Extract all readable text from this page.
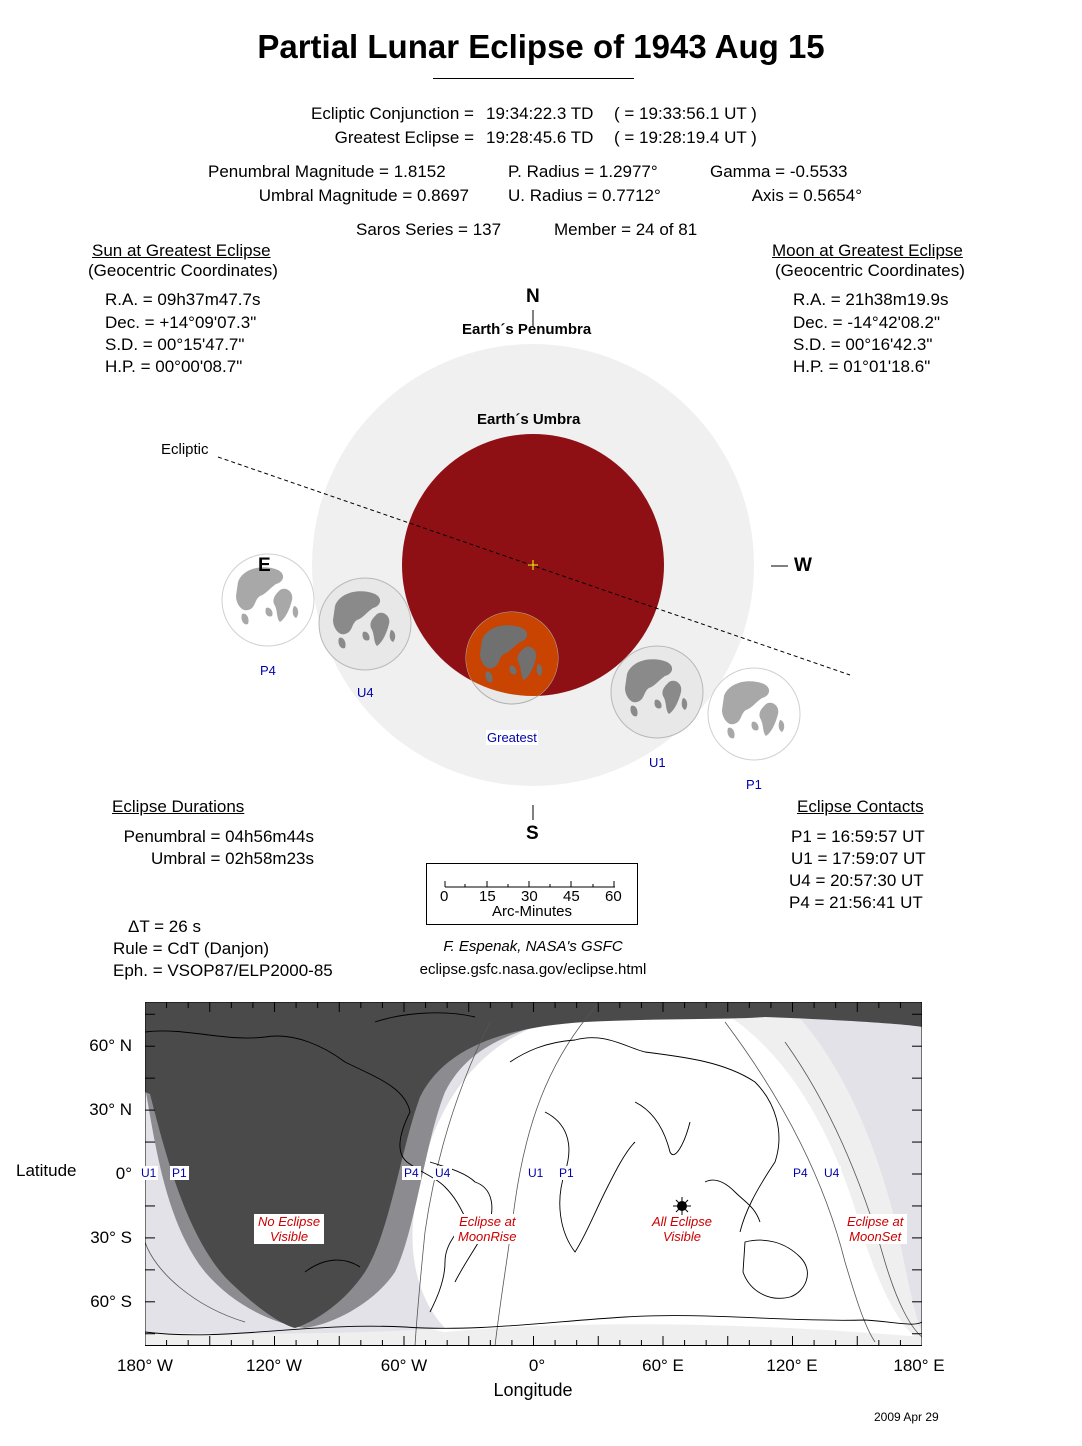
Partial Lunar Eclipse of 1943 Aug 15
Ecliptic Conjunction = 19:34:22.3 TD ( = 19:33:56.1 UT )
Greatest Eclipse = 19:28:45.6 TD ( = 19:28:19.4 UT )
Penumbral Magnitude = 1.8152
Umbral Magnitude = 0.8697
P. Radius = 1.2977°
U. Radius = 0.7712°
Gamma = -0.5533
Axis = 0.5654°
Saros Series = 137	Member = 24 of 81
Sun at Greatest Eclipse
(Geocentric Coordinates)
R.A. = 09h37m47.7s
Dec. = +14°09'07.3"
S.D. = 00°15'47.7"
H.P. = 00°00'08.7"
Moon at Greatest Eclipse
(Geocentric Coordinates)
R.A. = 21h38m19.9s
Dec. = -14°42'08.2"
S.D. = 00°16'42.3"
H.P. = 01°01'18.6"
N
Earth´s Penumbra
Earth´s Umbra
Ecliptic
E	W
S
P4
U4
Greatest
U1
P1
Eclipse Durations
Penumbral = 04h56m44s
Umbral = 02h58m23s
0 15 30 45 60
Arc-Minutes
F. Espenak, NASA's GSFC
eclipse.gsfc.nasa.gov/eclipse.html
ΔT = 26 s
Rule = CdT (Danjon)
Eph. = VSOP87/ELP2000-85
Eclipse Contacts
P1 = 16:59:57 UT
U1 = 17:59:07 UT
U4 = 20:57:30 UT
P4 = 21:56:41 UT
U1 P1	P4 U4	U1 P1	P4 U4
No Eclipse
Visible
Eclipse at
MoonRise
All Eclipse
Visible
Eclipse at
MoonSet
Latitude
60° N
30° N
0°
30° S
60° S
180° W	120° W	60° W	0°	60° E	120° E	180° E
Longitude
2009 Apr 29
